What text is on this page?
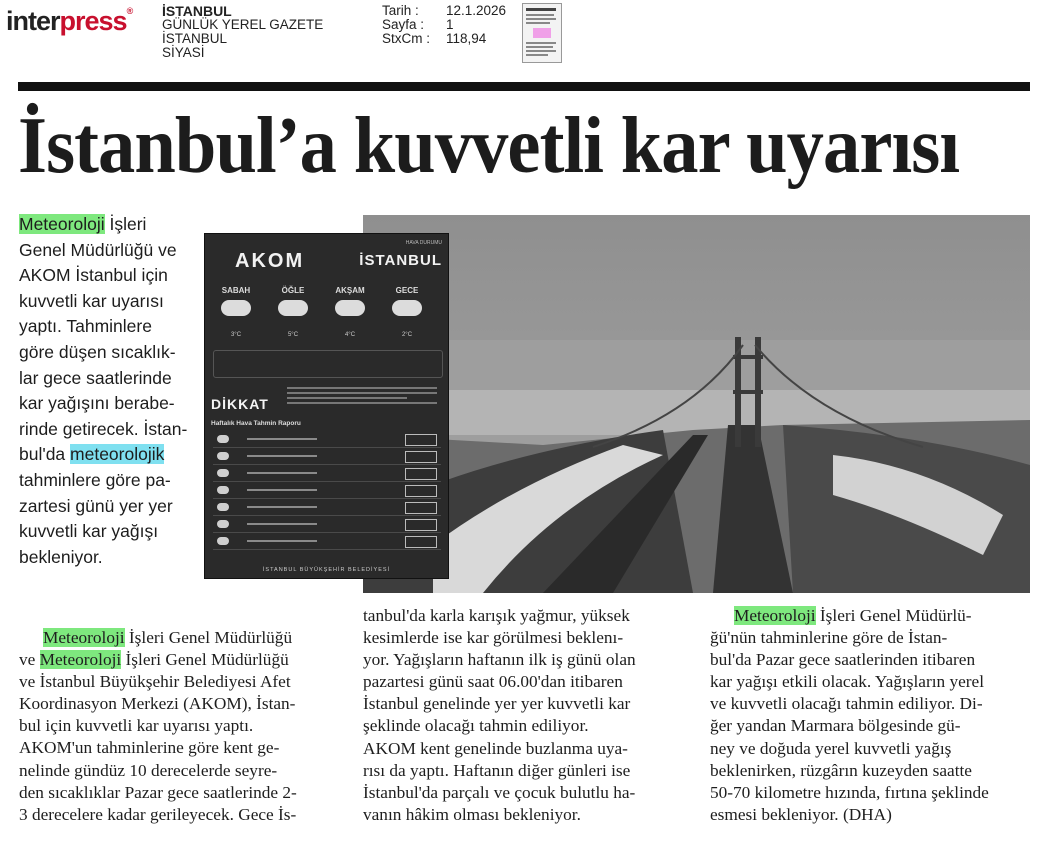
interpress® İSTANBUL
GÜNLÜK YEREL GAZETE
İSTANBUL
SİYASİ
Tarih : 12.1.2026
Sayfa : 1
StxCm : 118,94
İstanbul’a kuvvetli kar uyarısı
Meteoroloji İşleri
Genel Müdürlüğü ve
AKOM İstanbul için
kuvvetli kar uyarısı
yaptı. Tahminlere
göre düşen sıcaklık-
lar gece saatlerinde
kar yağışını berabe-
rinde getirecek. İstan-
bul'da meteorolojik
tahminlere göre pa-
zartesi günü yer yer
kuvvetli kar yağışı
bekleniyor.
HAVA DURUMU
AKOM	İSTANBUL
SABAH	ÖĞLE	AKŞAM	GECE
3°C	5°C	4°C	2°C
DİKKAT
Haftalık Hava Tahmin Raporu
İSTANBUL BÜYÜKŞEHİR BELEDİYESİ
Meteoroloji İşleri Genel Müdürlüğü
ve Meteoroloji İşleri Genel Müdürlüğü
ve İstanbul Büyükşehir Belediyesi Afet
Koordinasyon Merkezi (AKOM), İstan-
bul için kuvvetli kar uyarısı yaptı.
AKOM'un tahminlerine göre kent ge-
nelinde gündüz 10 derecelerde seyre-
den sıcaklıklar Pazar gece saatlerinde 2-
3 derecelere kadar gerileyecek. Gece İs-
tanbul'da karla karışık yağmur, yüksek
kesimlerde ise kar görülmesi beklenı-
yor. Yağışların haftanın ilk iş günü olan
pazartesi günü saat 06.00'dan itibaren
İstanbul genelinde yer yer kuvvetli kar
şeklinde olacağı tahmin ediliyor.
AKOM kent genelinde buzlanma uya-
rısı da yaptı. Haftanın diğer günleri ise
İstanbul'da parçalı ve çocuk bulutlu ha-
vanın hâkim olması bekleniyor.
Meteoroloji İşleri Genel Müdürlü-
ğü'nün tahminlerine göre de İstan-
bul'da Pazar gece saatlerinden itibaren
kar yağışı etkili olacak. Yağışların yerel
ve kuvvetli olacağı tahmin ediliyor. Di-
ğer yandan Marmara bölgesinde gü-
ney ve doğuda yerel kuvvetli yağış
beklenirken, rüzgârın kuzeyden saatte
50-70 kilometre hızında, fırtına şeklinde
esmesi bekleniyor. (DHA)
